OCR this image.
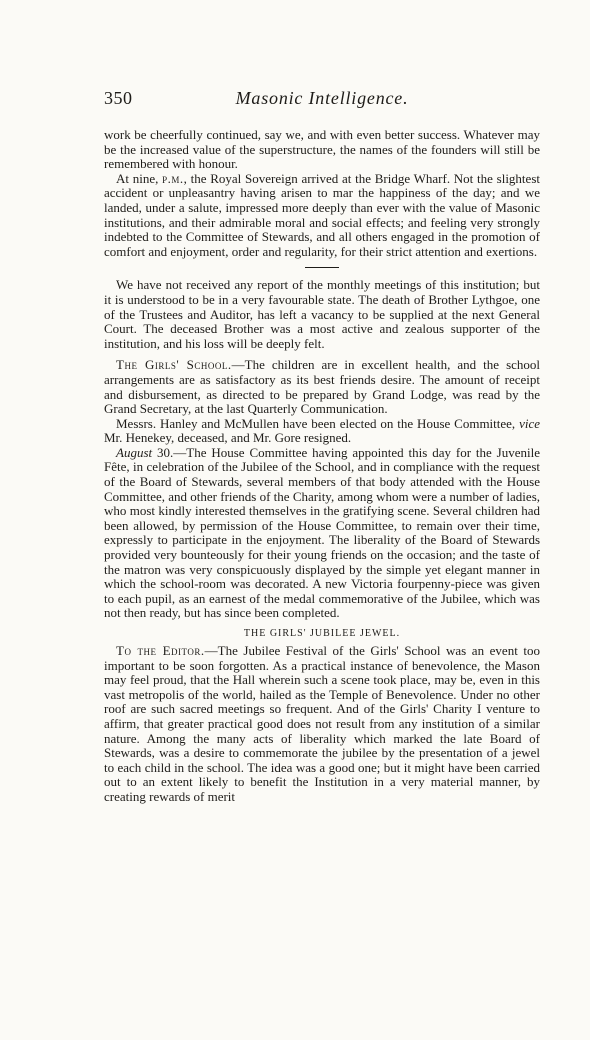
350	Masonic Intelligence.

work be cheerfully continued, say we, and with even better success. Whatever may be the increased value of the superstructure, the names of the founders will still be remembered with honour.

At nine, p.m., the Royal Sovereign arrived at the Bridge Wharf. Not the slightest accident or unpleasantry having arisen to mar the happiness of the day; and we landed, under a salute, impressed more deeply than ever with the value of Masonic institutions, and their admirable moral and social effects; and feeling very strongly indebted to the Committee of Stewards, and all others engaged in the promotion of comfort and enjoyment, order and regularity, for their strict attention and exertions.

We have not received any report of the monthly meetings of this institution; but it is understood to be in a very favourable state. The death of Brother Lythgoe, one of the Trustees and Auditor, has left a vacancy to be supplied at the next General Court. The deceased Brother was a most active and zealous supporter of the institution, and his loss will be deeply felt.

The Girls' School.—The children are in excellent health, and the school arrangements are as satisfactory as its best friends desire. The amount of receipt and disbursement, as directed to be prepared by Grand Lodge, was read by the Grand Secretary, at the last Quarterly Communication.

Messrs. Hanley and McMullen have been elected on the House Committee, vice Mr. Henekey, deceased, and Mr. Gore resigned.

August 30.—The House Committee having appointed this day for the Juvenile Fête, in celebration of the Jubilee of the School, and in compliance with the request of the Board of Stewards, several members of that body attended with the House Committee, and other friends of the Charity, among whom were a number of ladies, who most kindly interested themselves in the gratifying scene. Several children had been allowed, by permission of the House Committee, to remain over their time, expressly to participate in the enjoyment. The liberality of the Board of Stewards provided very bounteously for their young friends on the occasion; and the taste of the matron was very conspicuously displayed by the simple yet elegant manner in which the school-room was decorated. A new Victoria fourpenny-piece was given to each pupil, as an earnest of the medal commemorative of the Jubilee, which was not then ready, but has since been completed.

THE GIRLS' JUBILEE JEWEL.

To the Editor.—The Jubilee Festival of the Girls' School was an event too important to be soon forgotten. As a practical instance of benevolence, the Mason may feel proud, that the Hall wherein such a scene took place, may be, even in this vast metropolis of the world, hailed as the Temple of Benevolence. Under no other roof are such sacred meetings so frequent. And of the Girls' Charity I venture to affirm, that greater practical good does not result from any institution of a similar nature. Among the many acts of liberality which marked the late Board of Stewards, was a desire to commemorate the jubilee by the presentation of a jewel to each child in the school. The idea was a good one; but it might have been carried out to an extent likely to benefit the Institution in a very material manner, by creating rewards of merit
